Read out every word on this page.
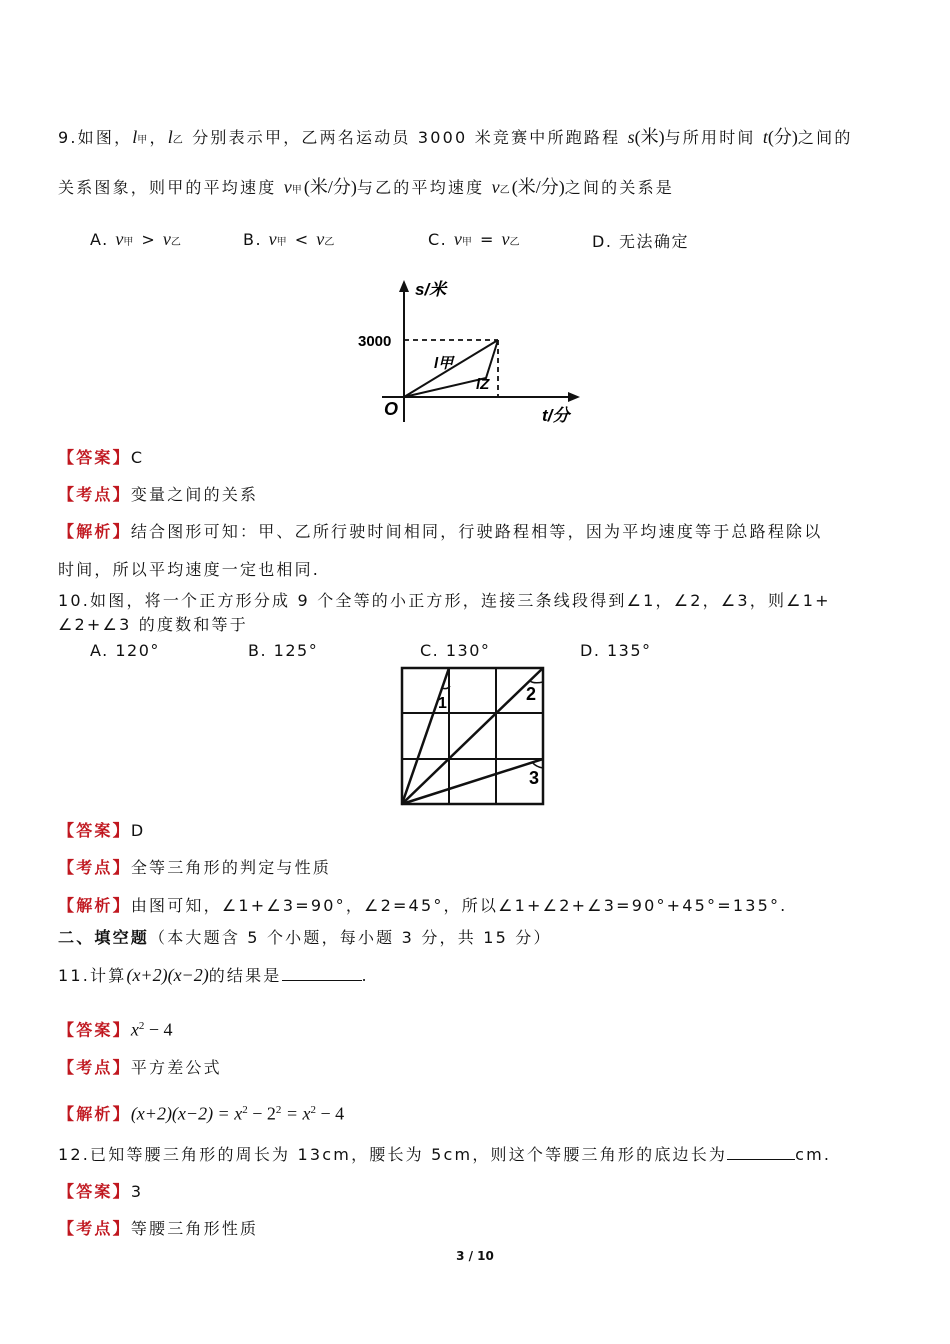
9.如图，l甲，l乙 分别表示甲，乙两名运动员 3000 米竞赛中所跑路程 s(米)与所用时间 t(分)之间的
关系图象，则甲的平均速度 v甲(米/分)与乙的平均速度 v乙(米/分)之间的关系是
A. v甲 > v乙	B. v甲 < v乙	C. v甲 = v乙	D. 无法确定
s/米
t/分
O
3000
l甲
lZ
【答案】C
【考点】变量之间的关系
【解析】结合图形可知：甲、乙所行驶时间相同，行驶路程相等，因为平均速度等于总路程除以
时间，所以平均速度一定也相同.
10.如图，将一个正方形分成 9 个全等的小正方形，连接三条线段得到∠1，∠2，∠3，则∠1+
∠2+∠3 的度数和等于
A. 120°	B. 125°	C. 130°	D. 135°
1	2
3
【答案】D
【考点】全等三角形的判定与性质
【解析】由图可知，∠1+∠3=90°，∠2=45°，所以∠1+∠2+∠3=90°+45°=135°.
二、填空题（本大题含 5 个小题，每小题 3 分，共 15 分）
11.计算(x+2)(x−2)的结果是	.
【答案】$x^2 - 4$
【考点】平方差公式
【解析】$(x+2)(x-2) = x^2 - 2^2 = x^2 - 4$
12.已知等腰三角形的周长为 13cm，腰长为 5cm，则这个等腰三角形的底边长为	cm.
【答案】3
【考点】等腰三角形性质
3 / 10
